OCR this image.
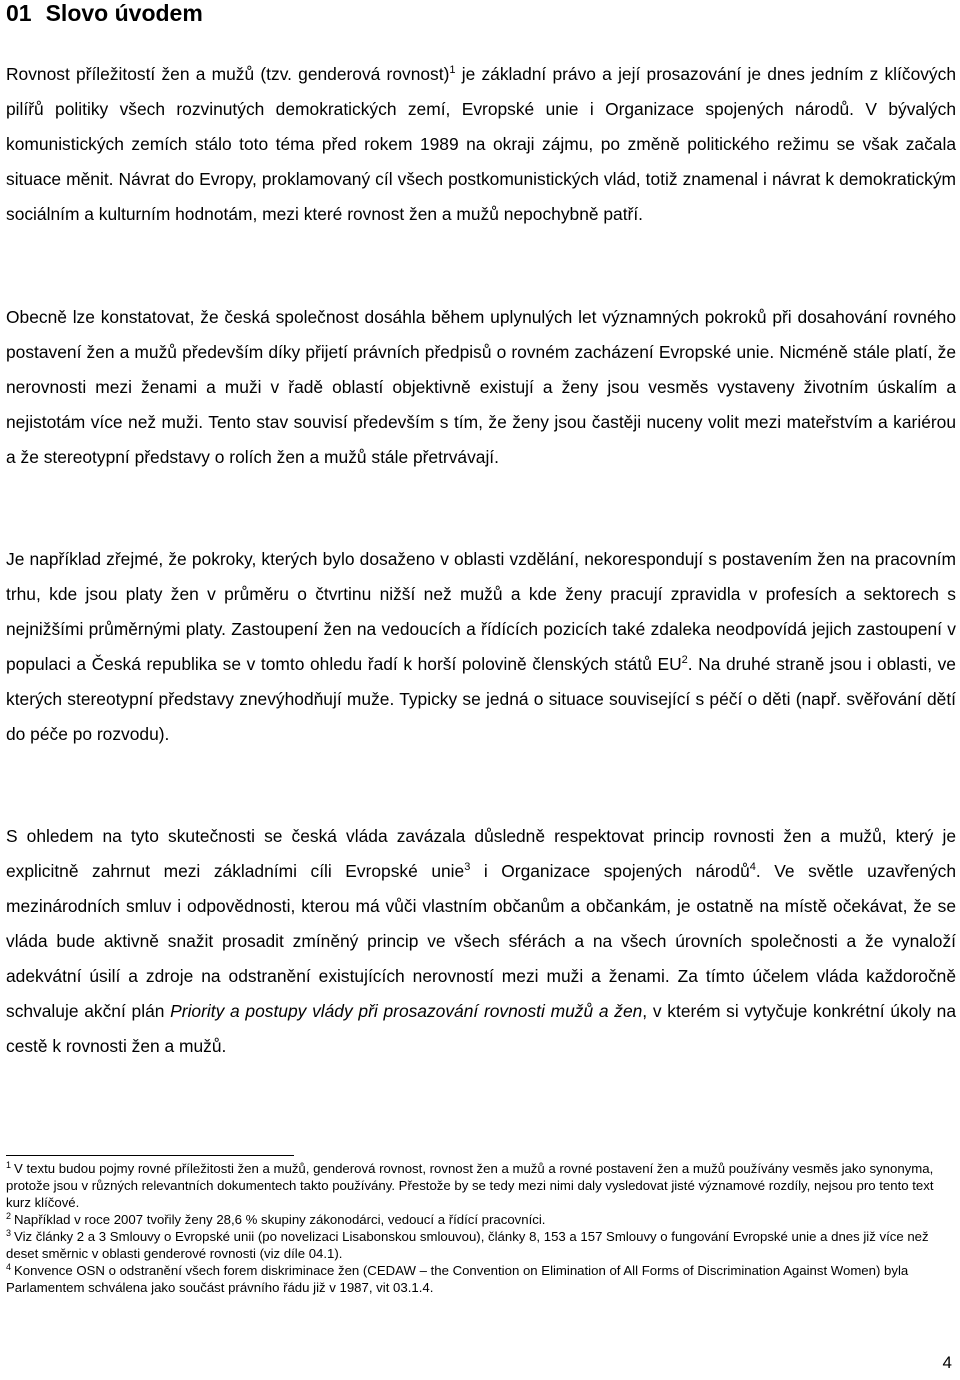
01 Slovo úvodem

Rovnost příležitostí žen a mužů (tzv. genderová rovnost)$^1$ je základní právo a její prosazování je dnes jedním z klíčových pilířů politiky všech rozvinutých demokratických zemí, Evropské unie i Organizace spojených národů. V bývalých komunistických zemích stálo toto téma před rokem 1989 na okraji zájmu, po změně politického režimu se však začala situace měnit. Návrat do Evropy, proklamovaný cíl všech postkomunistických vlád, totiž znamenal i návrat k demokratickým sociálním a kulturním hodnotám, mezi které rovnost žen a mužů nepochybně patří.

Obecně lze konstatovat, že česká společnost dosáhla během uplynulých let významných pokroků při dosahování rovného postavení žen a mužů především díky přijetí právních předpisů o rovném zacházení Evropské unie. Nicméně stále platí, že nerovnosti mezi ženami a muži v řadě oblastí objektivně existují a ženy jsou vesměs vystaveny životním úskalím a nejistotám více než muži. Tento stav souvisí především s tím, že ženy jsou častěji nuceny volit mezi mateřstvím a kariérou a že stereotypní představy o rolích žen a mužů stále přetrvávají.

Je například zřejmé, že pokroky, kterých bylo dosaženo v oblasti vzdělání, nekorespondují s postavením žen na pracovním trhu, kde jsou platy žen v průměru o čtvrtinu nižší než mužů a kde ženy pracují zpravidla v profesích a sektorech s nejnižšími průměrnými platy. Zastoupení žen na vedoucích a řídících pozicích také zdaleka neodpovídá jejich zastoupení v populaci a Česká republika se v tomto ohledu řadí k horší polovině členských států $EU^2$. Na druhé straně jsou i oblasti, ve kterých stereotypní představy znevýhodňují muže. Typicky se jedná o situace související s péčí o děti (např. svěřování dětí do péče po rozvodu).

S ohledem na tyto skutečnosti se česká vláda zavázala důsledně respektovat princip rovnosti žen a mužů, který je explicitně zahrnut mezi základními cíli Evropské unie$^3$ i Organizace spojených národů$^4$. Ve světle uzavřených mezinárodních smluv i odpovědnosti, kterou má vůči vlastním občanům a občankám, je ostatně na místě očekávat, že se vláda bude aktivně snažit prosadit zmíněný princip ve všech sférách a na všech úrovních společnosti a že vynaloží adekvátní úsilí a zdroje na odstranění existujících nerovností mezi muži a ženami. Za tímto účelem vláda každoročně schvaluje akční plán Priority a postupy vlády při prosazování rovnosti mužů a žen, v kterém si vytyčuje konkrétní úkoly na cestě k rovnosti žen a mužů.

$^1$ V textu budou pojmy rovné příležitosti žen a mužů, genderová rovnost, rovnost žen a mužů a rovné postavení žen a mužů používány vesměs jako synonyma, protože jsou v různých relevantních dokumentech takto používány. Přestože by se tedy mezi nimi daly vysledovat jisté významové rozdíly, nejsou pro tento text kurz klíčové.
$^2$ Například v roce 2007 tvořily ženy 28,6 % skupiny zákonodárci, vedoucí a řídící pracovníci.
$^3$ Viz články 2 a 3 Smlouvy o Evropské unii (po novelizaci Lisabonskou smlouvou), články 8, 153 a 157 Smlouvy o fungování Evropské unie a dnes již více než deset směrnic v oblasti genderové rovnosti (viz díle 04.1).
$^4$ Konvence OSN o odstranění všech forem diskriminace žen (CEDAW – the Convention on Elimination of All Forms of Discrimination Against Women) byla Parlamentem schválena jako součást právního řádu již v 1987, vit 03.1.4.
4
